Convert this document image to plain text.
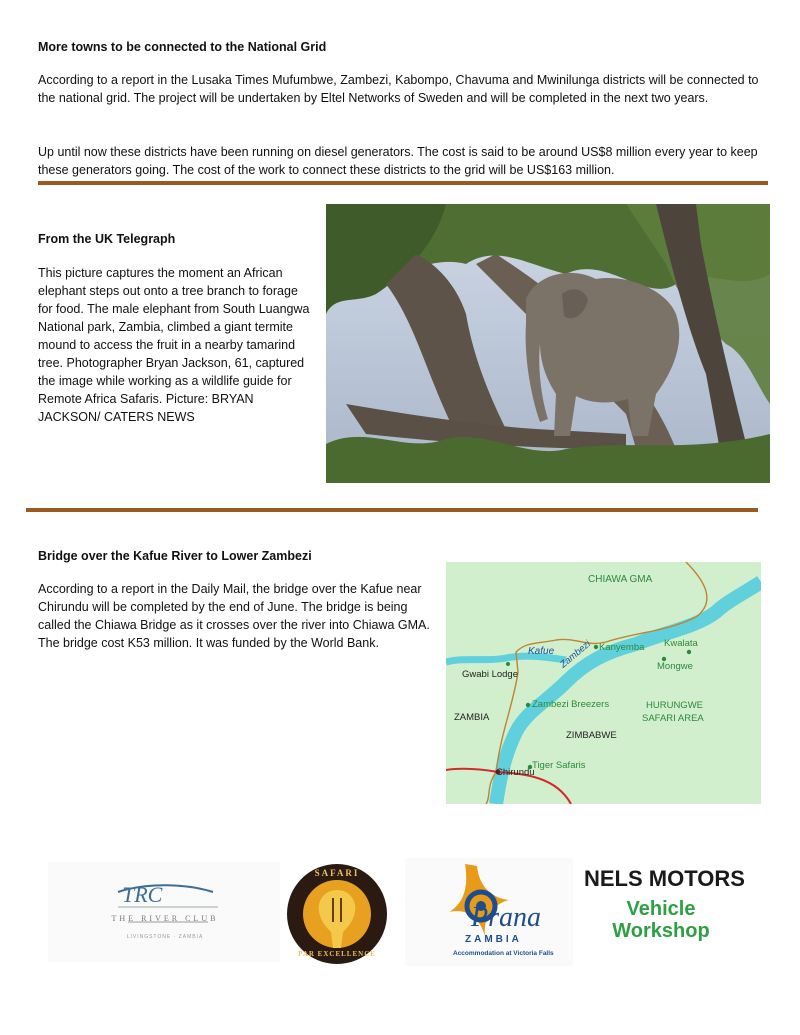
More towns to be connected to the National Grid
According to a report in the Lusaka Times Mufumbwe, Zambezi, Kabompo, Chavuma and Mwinilunga districts will be connected to the national grid. The project will be undertaken by Eltel Networks of Sweden and will be completed in the next two years.
Up until now these districts have been running on diesel generators. The cost is said to be around US$8 million every year to keep these generators going. The cost of the work to connect these districts to the grid will be US$163 million.
From the UK Telegraph
This picture captures the moment an African elephant steps out onto a tree branch to forage for food. The male elephant from South Luangwa National park, Zambia, climbed a giant termite mound to access the fruit in a nearby tamarind tree. Photographer Bryan Jackson, 61, captured the image while working as a wildlife guide for Remote Africa Safaris. Picture: BRYAN JACKSON/ CATERS NEWS
Bridge over the Kafue River to Lower Zambezi
According to a report in the Daily Mail, the bridge over the Kafue near Chirundu will be completed by the end of June. The bridge is being called the Chiawa Bridge as it crosses over the river into Chiawa GMA. The bridge cost K53 million. It was funded by the World Bank.
CHIAWA GMA
Kafue	Kanyemba Kwalata
Mongwe
Gwabi Lodge
Zambezi
Zambezi Breezers	HURUNGWE
SAFARI AREA
ZAMBIA
ZIMBABWE
Tiger Safaris
Chirundu
TRC
THE RIVER CLUB
LIVINGSTONE · ZAMBIA
SAFARI
PAR EXCELLENCE
Prana
ZAMBIA
Accommodation at Victoria Falls
NELS MOTORS
Vehicle
Workshop
